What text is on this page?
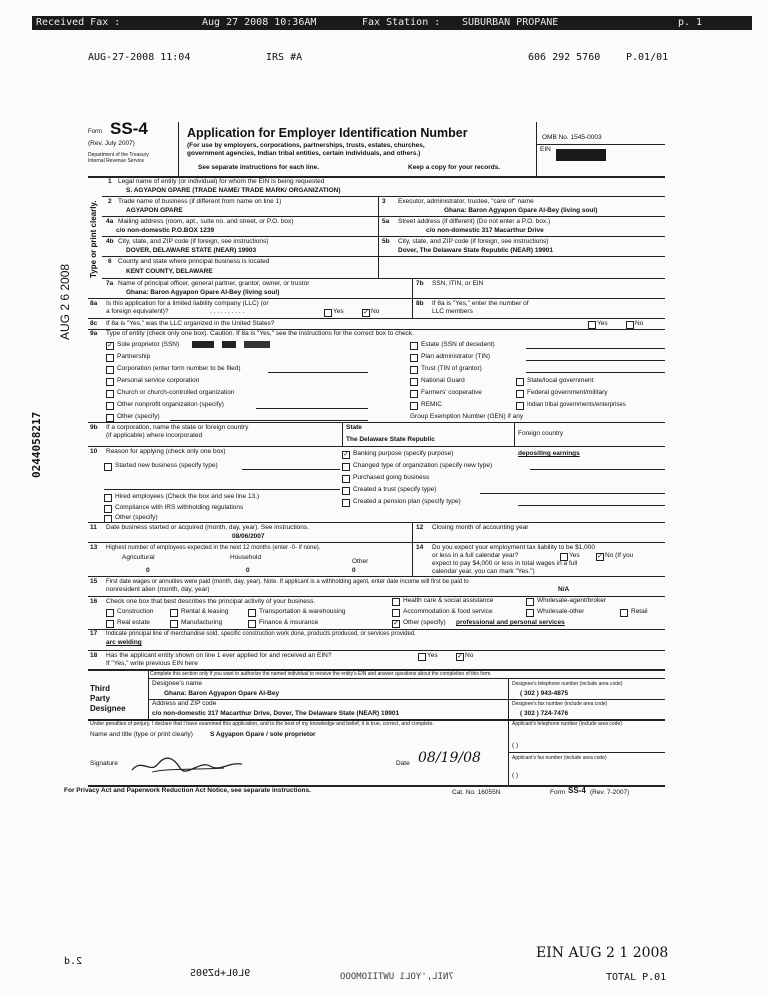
Received Fax :	Aug 27 2008 10:36AM	Fax Station : SUBURBAN PROPANE	p. 1
AUG-27-2008 11:04	IRS #A	606 292 5760	P.01/01
AUG 2 6 2008
0244058217
Form SS-4
(Rev. July 2007)
Department of the Treasury
Internal Revenue Service
Application for Employer Identification Number
(For use by employers, corporations, partnerships, trusts, estates, churches,
government agencies, Indian tribal entities, certain individuals, and others.)
See separate instructions for each line.	Keep a copy for your records.
OMB No. 1545-0003
EIN
Type or print clearly.
1 Legal name of entity (or individual) for whom the EIN is being requested
S. AGYAPON GPARE (TRADE NAME/ TRADE MARK/ ORGANIZATION)
2 Trade name of business (if different from name on line 1)
AGYAPON GPARE
3 Executor, administrator, trustee, "care of" name
Ghana: Baron Agyapon Gpare Al-Bey (living soul)
4a Mailing address (room, apt., suite no. and street, or P.O. box)
c/o non-domestic P.O.BOX 1239
5a Street address (if different) (Do not enter a P.O. box.)
c/o non-domestic 317 Macarthur Drive
4b City, state, and ZIP code (if foreign, see instructions)
DOVER, DELAWARE STATE (NEAR) 19903
5b City, state, and ZIP code (if foreign, see instructions)
Dover, The Delaware State Republic (NEAR) 19901
6 County and state where principal business is located
KENT COUNTY, DELAWARE
7a Name of principal officer, general partner, grantor, owner, or trustor
Ghana: Baron Agyapon Gpare Al-Bey (living soul)
7b SSN, ITIN, or EIN
8a Is this application for a limited liability company (LLC) (or
a foreign equivalent)?	. . . . . . . . . .	Yes	✓ No
8b If 8a is "Yes," enter the number of
LLC members
8c If 8a is "Yes," was the LLC organized in the United States?	Yes	No
9a Type of entity (check only one box). Caution. If 8a is "Yes," see the instructions for the correct box to check.
✓ Sole proprietor (SSN)
Partnership
Corporation (enter form number to be filed)
Personal service corporation
Church or church-controlled organization
Other nonprofit organization (specify)
Other (specify)
Estate (SSN of decedent)
Plan administrator (TIN)
Trust (TIN of grantor)
National Guard
Farmers' cooperative
REMIC
State/local government
Federal government/military
Indian tribal governments/enterprises
Group Exemption Number (GEN) if any
9b If a corporation, name the state or foreign country
(if applicable) where incorporated
State
The Delaware State Republic
Foreign country
10 Reason for applying (check only one box)
Started new business (specify type)
Hired employees (Check the box and see line 13.)
Compliance with IRS withholding regulations
Other (specify)
✓ Banking purpose (specify purpose)	depositing earnings
Changed type of organization (specify new type)
Purchased going business
Created a trust (specify type)
Created a pension plan (specify type)
11 Date business started or acquired (month, day, year). See instructions.
08/06/2007
12 Closing month of accounting year
13 Highest number of employees expected in the next 12 months (enter -0- if none).
Agricultural	Household
Other
0	0	0
14 Do you expect your employment tax liability to be $1,000
or less in a full calendar year?	Yes ✓ No (If you
expect to pay $4,000 or less in total wages in a full
calendar year, you can mark "Yes.")
15 First date wages or annuities were paid (month, day, year). Note. If applicant is a withholding agent, enter date income will first be paid to
nonresident alien (month, day, year)	N/A
16 Check one box that best describes the principal activity of your business.
Construction	Rental & leasing	Transportation & warehousing
Health care & social assistance	Wholesale-agent/broker
Real estate	Manufacturing	Finance & insurance
Accommodation & food service	Wholesale-other	Retail
✓ Other (specify) professional and personal services
17 Indicate principal line of merchandise sold, specific construction work done, products produced, or services provided.
arc welding
18 Has the applicant entity shown on line 1 ever applied for and received an EIN?	Yes	✓ No
If "Yes," write previous EIN here
Complete this section only if you want to authorize the named individual to receive the entity's EIN and answer questions about the completion of this form.
Third
Party
Designee
Designee's name
Ghana: Baron Agyapon Gpare Al-Bey
Designee's telephone number (include area code)
( 302 ) 943-4875
Address and ZIP code
c/o non-domestic 317 Macarthur Drive, Dover, The Delaware State (NEAR) 19901
Designee's fax number (include area code)
( 302 ) 724-7476
Under penalties of perjury, I declare that I have examined this application, and to the best of my knowledge and belief, it is true, correct, and complete.	Applicant's telephone number (include area code)
Name and title (type or print clearly)	S Agyapon Gpare / sole proprietor
( )
Applicant's fax number (include area code)
( )
Signature	Date 08/19/08
For Privacy Act and Paperwork Reduction Act Notice, see separate instructions.	Cat. No. 16055N	Form SS-4 (Rev. 7-2007)
2.d
9L0L+bZ90S	7NIL,'YOL1 UWTIIOMOOO
EIN AUG 2 1 2008
TOTAL P.01
